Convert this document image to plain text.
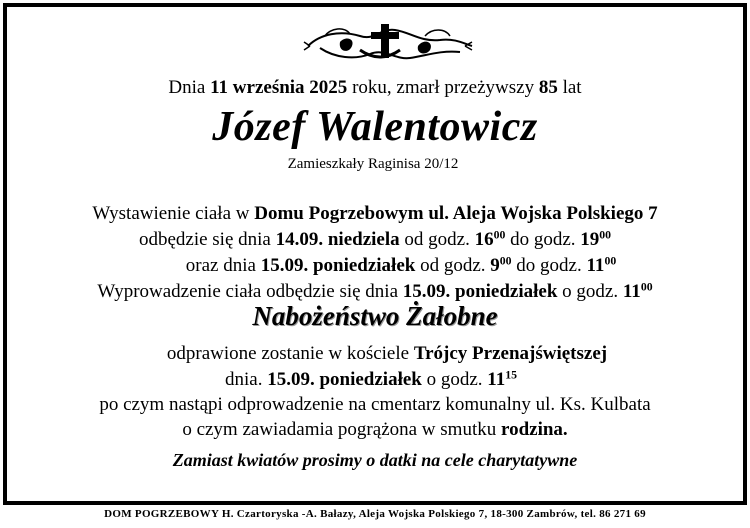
Dnia 11 września 2025 roku, zmarł przeżywszy 85 lat
Józef Walentowicz
Zamieszkały Raginisa 20/12
Wystawienie ciała w Domu Pogrzebowym ul. Aleja Wojska Polskiego 7
odbędzie się dnia 14.09. niedziela od godz. $16^{00}$ do godz. $19^{00}$
oraz dnia 15.09. poniedziałek od godz. $9^{00}$ do godz. $11^{00}$
Wyprowadzenie ciała odbędzie się dnia 15.09. poniedziałek o godz. $11^{00}$
Nabożeństwo Żałobne
odprawione zostanie w kościele Trójcy Przenajświętszej
dnia. 15.09. poniedziałek o godz. $11^{15}$
po czym nastąpi odprowadzenie na cmentarz komunalny ul. Ks. Kulbata
o czym zawiadamia pogrążona w smutku rodzina.
Zamiast kwiatów prosimy o datki na cele charytatywne
DOM POGRZEBOWY H. Czartoryska -A. Bałazy, Aleja Wojska Polskiego 7, 18-300 Zambrów, tel. 86 271 69
